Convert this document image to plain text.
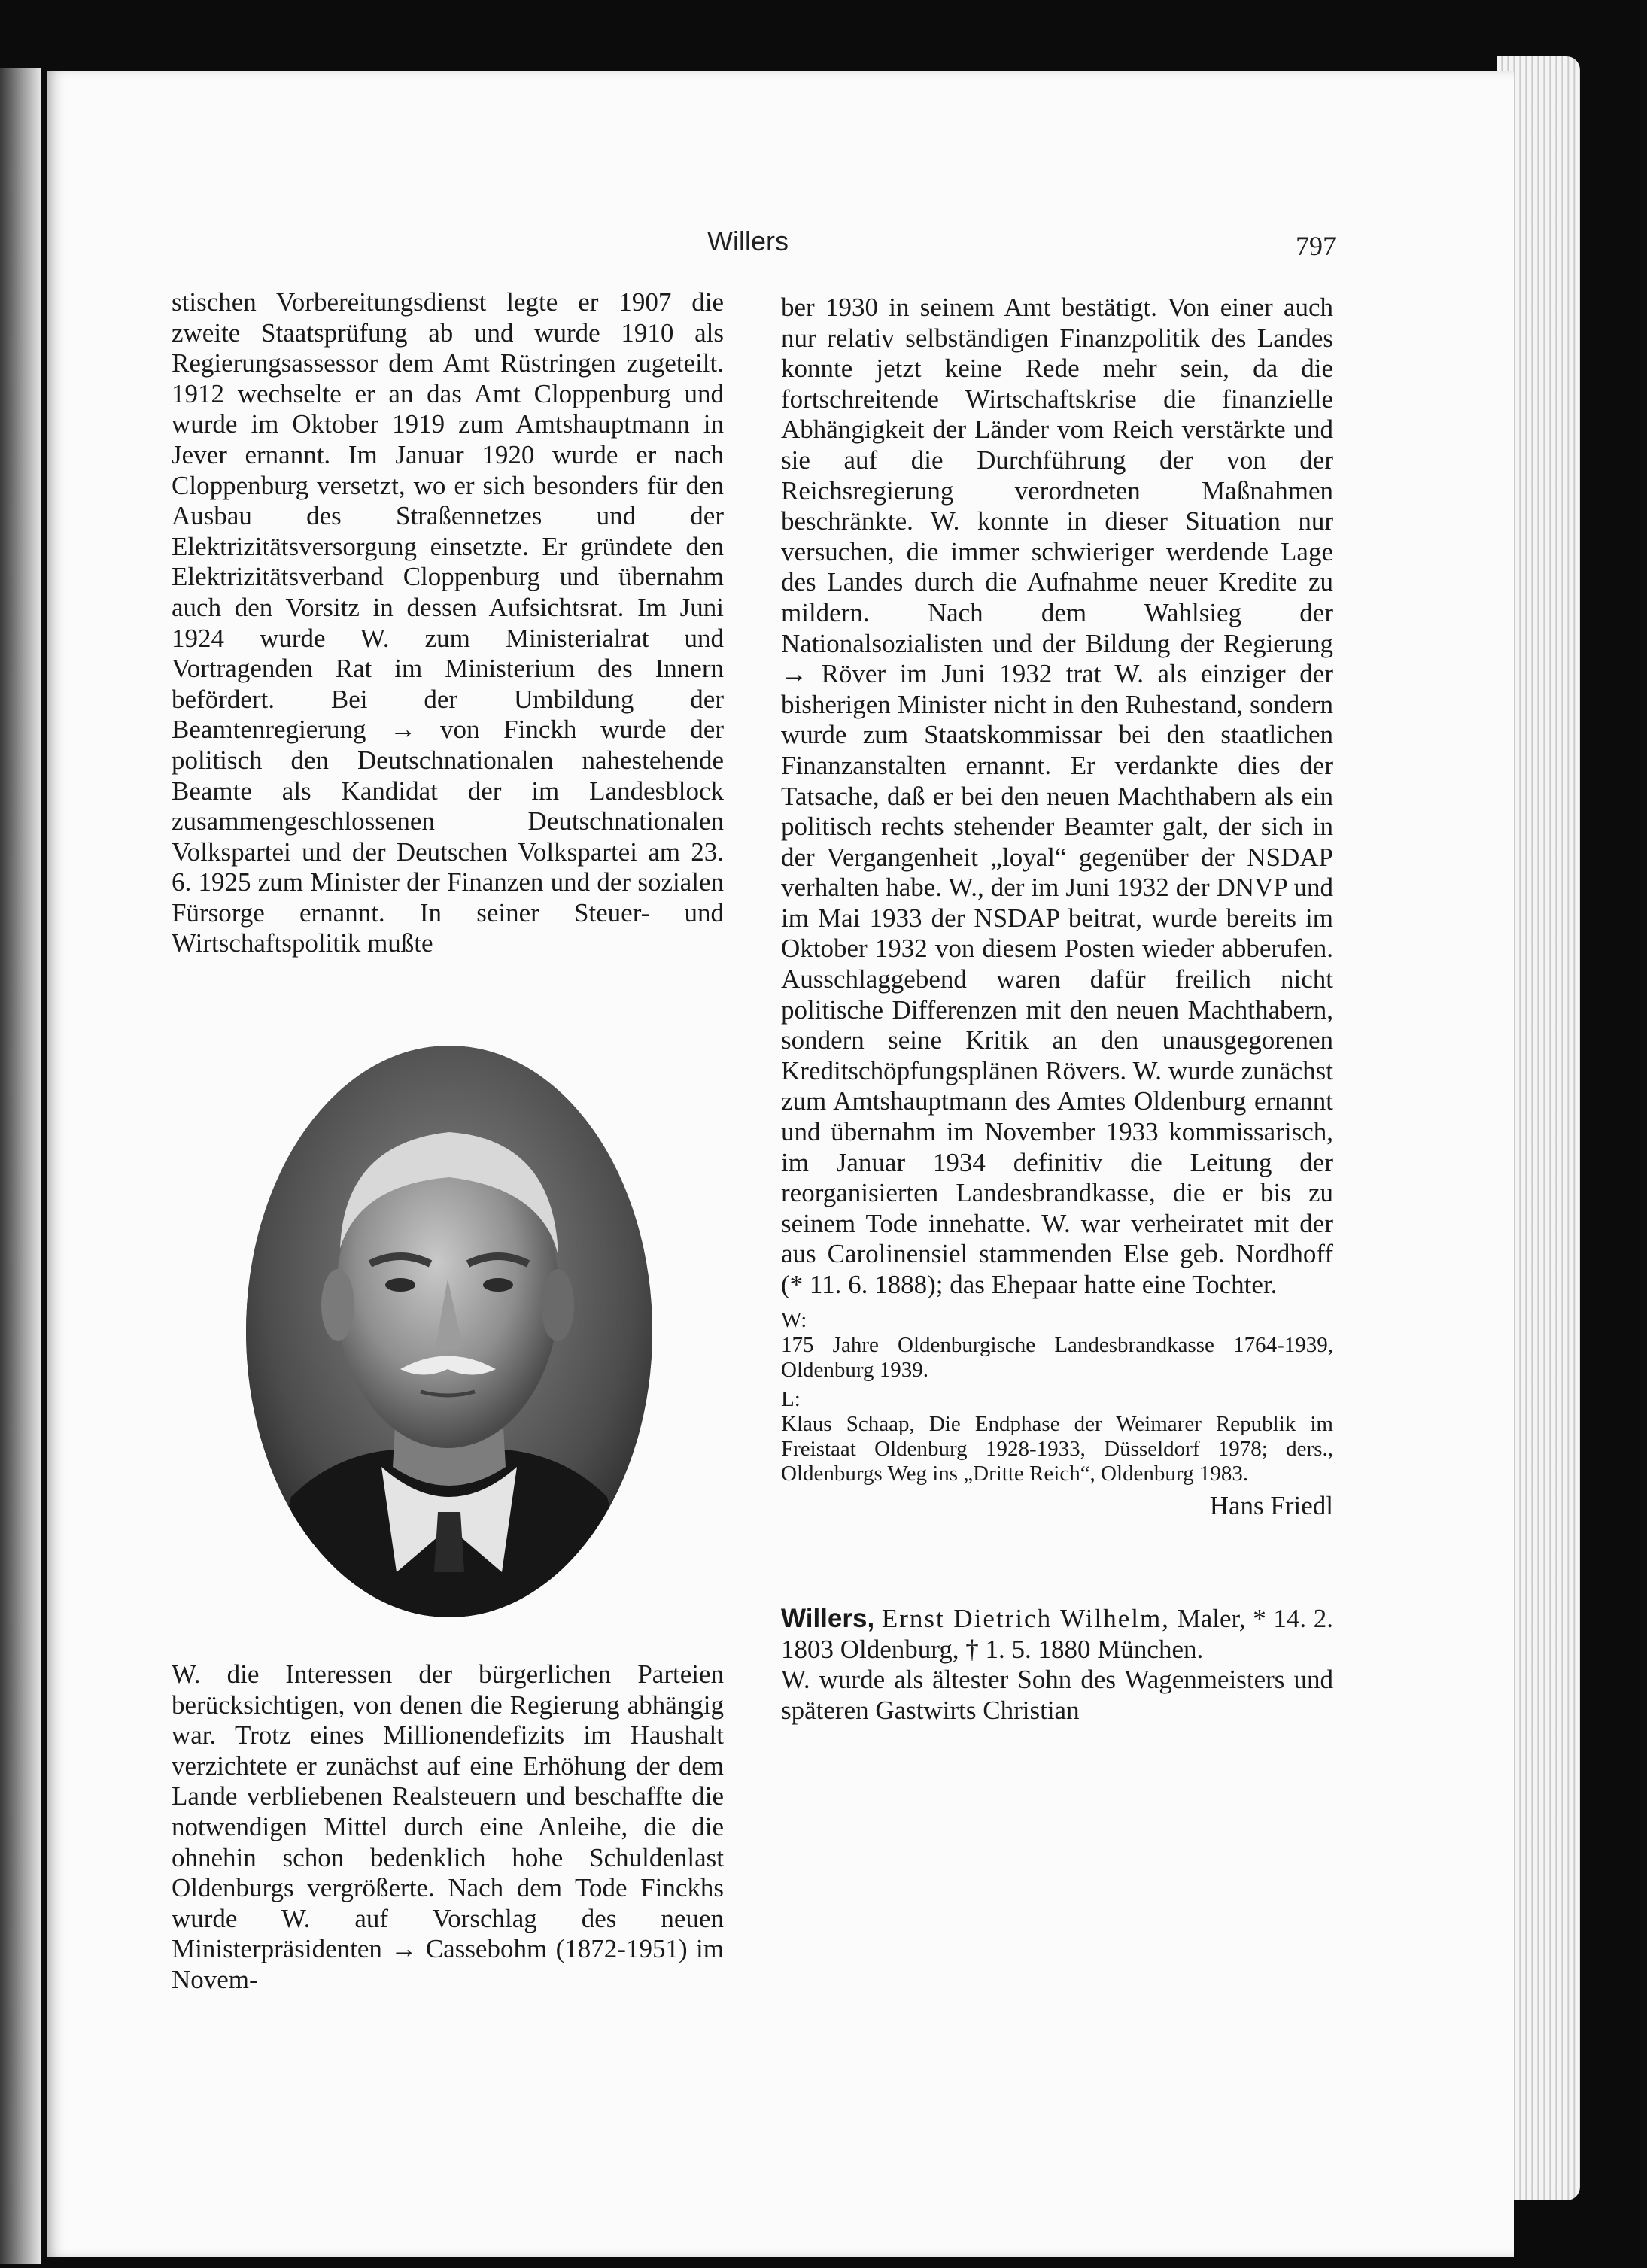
Willers	797

stischen Vorbereitungsdienst legte er 1907 die zweite Staatsprüfung ab und wurde 1910 als Regierungsassessor dem Amt Rüstringen zugeteilt. 1912 wechselte er an das Amt Cloppenburg und wurde im Oktober 1919 zum Amtshauptmann in Jever ernannt. Im Januar 1920 wurde er nach Cloppenburg versetzt, wo er sich besonders für den Ausbau des Straßennetzes und der Elektrizitätsversorgung einsetzte. Er gründete den Elektrizitätsverband Cloppenburg und übernahm auch den Vorsitz in dessen Aufsichtsrat. Im Juni 1924 wurde W. zum Ministerialrat und Vortragenden Rat im Ministerium des Innern befördert. Bei der Umbildung der Beamtenregierung → von Finckh wurde der politisch den Deutschnationalen nahestehende Beamte als Kandidat der im Landesblock zusammengeschlossenen Deutschnationalen Volkspartei und der Deutschen Volkspartei am 23. 6. 1925 zum Minister der Finanzen und der sozialen Fürsorge ernannt. In seiner Steuer- und Wirtschaftspolitik mußte

W. die Interessen der bürgerlichen Parteien berücksichtigen, von denen die Regierung abhängig war. Trotz eines Millionendefizits im Haushalt verzichtete er zunächst auf eine Erhöhung der dem Lande verbliebenen Realsteuern und beschaffte die notwendigen Mittel durch eine Anleihe, die die ohnehin schon bedenklich hohe Schuldenlast Oldenburgs vergrößerte. Nach dem Tode Finckhs wurde W. auf Vorschlag des neuen Ministerpräsidenten → Cassebohm (1872-1951) im Novem-

ber 1930 in seinem Amt bestätigt. Von einer auch nur relativ selbständigen Finanzpolitik des Landes konnte jetzt keine Rede mehr sein, da die fortschreitende Wirtschaftskrise die finanzielle Abhängigkeit der Länder vom Reich verstärkte und sie auf die Durchführung der von der Reichsregierung verordneten Maßnahmen beschränkte. W. konnte in dieser Situation nur versuchen, die immer schwieriger werdende Lage des Landes durch die Aufnahme neuer Kredite zu mildern. Nach dem Wahlsieg der Nationalsozialisten und der Bildung der Regierung → Röver im Juni 1932 trat W. als einziger der bisherigen Minister nicht in den Ruhestand, sondern wurde zum Staatskommissar bei den staatlichen Finanzanstalten ernannt. Er verdankte dies der Tatsache, daß er bei den neuen Machthabern als ein politisch rechts stehender Beamter galt, der sich in der Vergangenheit „loyal“ gegenüber der NSDAP verhalten habe. W., der im Juni 1932 der DNVP und im Mai 1933 der NSDAP beitrat, wurde bereits im Oktober 1932 von diesem Posten wieder abberufen. Ausschlaggebend waren dafür freilich nicht politische Differenzen mit den neuen Machthabern, sondern seine Kritik an den unausgegorenen Kreditschöpfungsplänen Rövers. W. wurde zunächst zum Amtshauptmann des Amtes Oldenburg ernannt und übernahm im November 1933 kommissarisch, im Januar 1934 definitiv die Leitung der reorganisierten Landesbrandkasse, die er bis zu seinem Tode innehatte. W. war verheiratet mit der aus Carolinensiel stammenden Else geb. Nordhoff (* 11. 6. 1888); das Ehepaar hatte eine Tochter.

W:
175 Jahre Oldenburgische Landesbrandkasse 1764-1939, Oldenburg 1939.
L:
Klaus Schaap, Die Endphase der Weimarer Republik im Freistaat Oldenburg 1928-1933, Düsseldorf 1978; ders., Oldenburgs Weg ins „Dritte Reich“, Oldenburg 1983.
Hans Friedl
Willers, Ernst Dietrich Wilhelm, Maler, * 14. 2. 1803 Oldenburg, † 1. 5. 1880 München.
W. wurde als ältester Sohn des Wagenmeisters und späteren Gastwirts Christian
